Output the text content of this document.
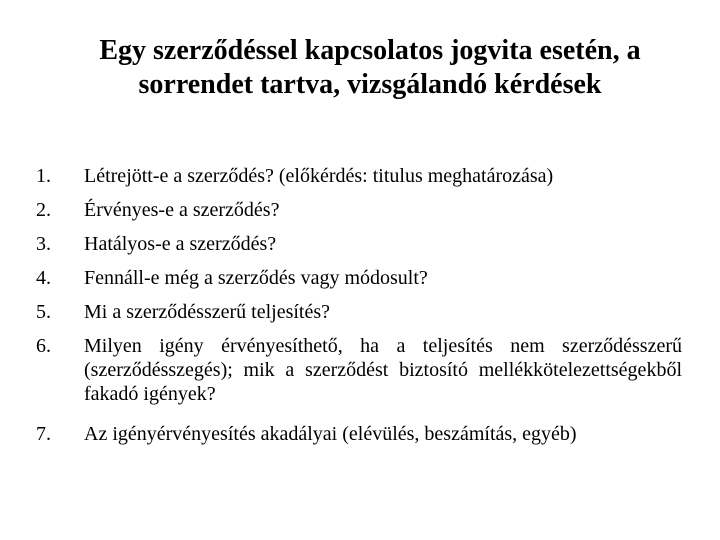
Egy szerződéssel kapcsolatos jogvita esetén, a sorrendet tartva, vizsgálandó kérdések
1.	Létrejött-e a szerződés? (előkérdés: titulus meghatározása)
2.	Érvényes-e a szerződés?
3.	Hatályos-e a szerződés?
4.	Fennáll-e még a szerződés vagy módosult?
5.	Mi a szerződésszerű teljesítés?
6.	Milyen igény érvényesíthető, ha a teljesítés nem szerződésszerű (szerződésszegés); mik a szerződést biztosító mellékkötelezettségekből fakadó igények?
7.	Az igényérvényesítés akadályai (elévülés, beszámítás, egyéb)
